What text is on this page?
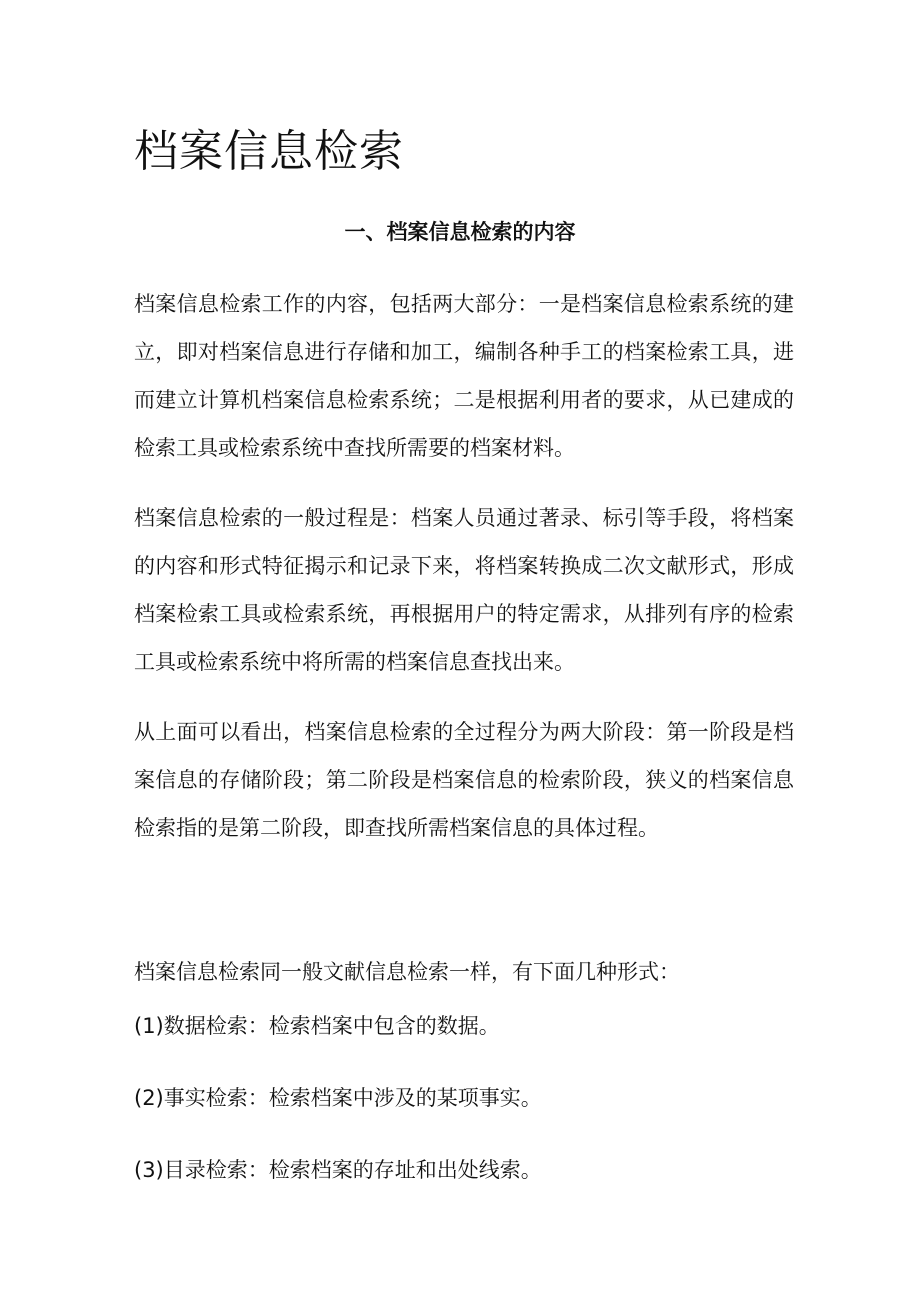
档案信息检索
一、档案信息检索的内容

档案信息检索工作的内容，包括两大部分：一是档案信息检索系统的建立，即对档案信息进行存储和加工，编制各种手工的档案检索工具，进而建立计算机档案信息检索系统；二是根据利用者的要求，从已建成的检索工具或检索系统中查找所需要的档案材料。

档案信息检索的一般过程是：档案人员通过著录、标引等手段，将档案的内容和形式特征揭示和记录下来，将档案转换成二次文献形式，形成档案检索工具或检索系统，再根据用户的特定需求，从排列有序的检索工具或检索系统中将所需的档案信息查找出来。

从上面可以看出，档案信息检索的全过程分为两大阶段：第一阶段是档案信息的存储阶段；第二阶段是档案信息的检索阶段，狭义的档案信息检索指的是第二阶段，即查找所需档案信息的具体过程。

档案信息检索同一般文献信息检索一样，有下面几种形式：

(1)数据检索：检索档案中包含的数据。

(2)事实检索：检索档案中涉及的某项事实。

(3)目录检索：检索档案的存址和出处线索。
